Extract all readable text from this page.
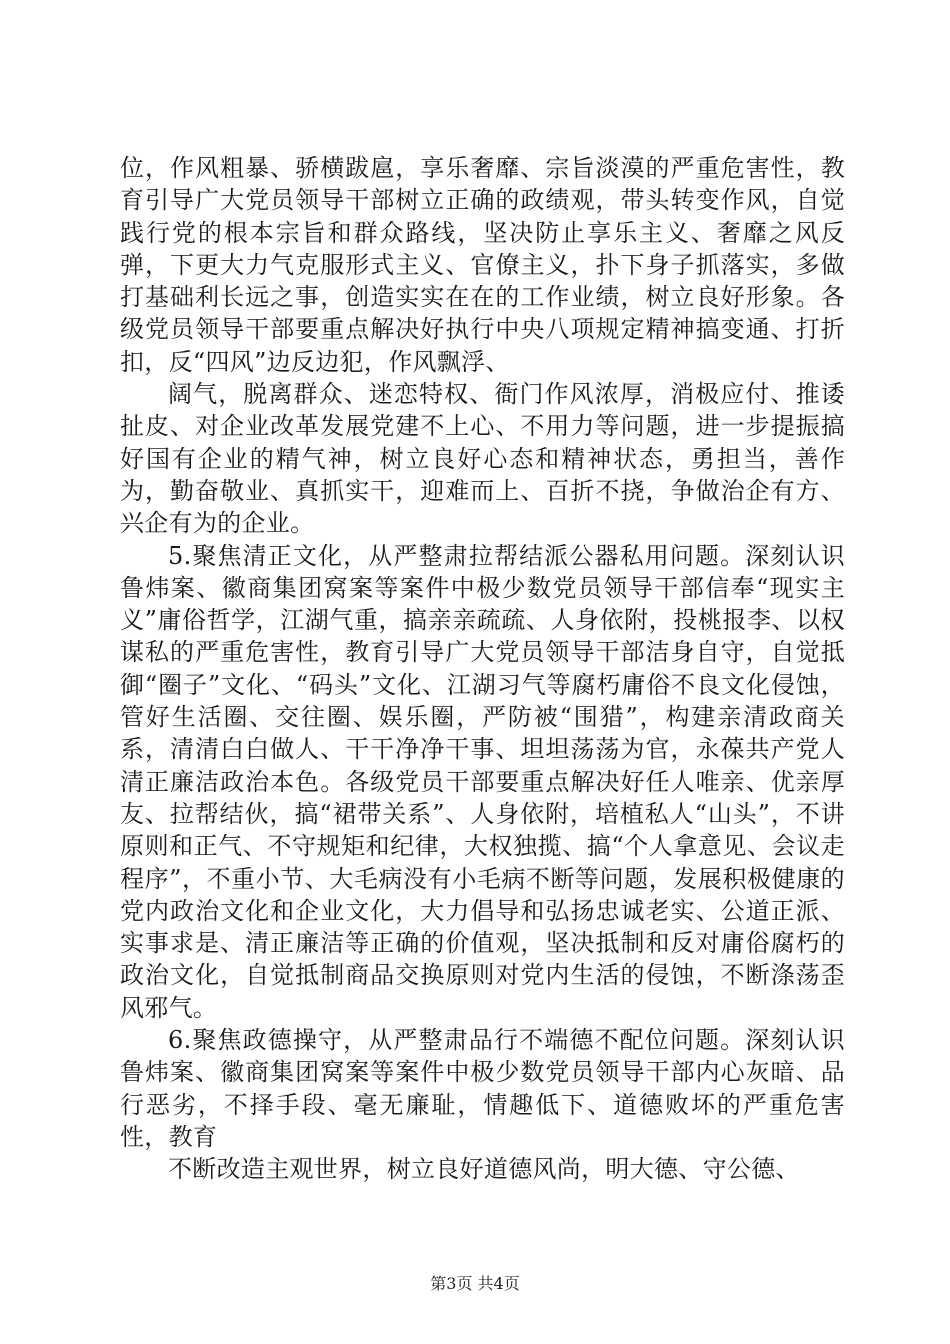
位，作风粗暴、骄横跋扈，享乐奢靡、宗旨淡漠的严重危害性，教育引导广大党员领导干部树立正确的政绩观，带头转变作风，自觉践行党的根本宗旨和群众路线，坚决防止享乐主义、奢靡之风反弹，下更大力气克服形式主义、官僚主义，扑下身子抓落实，多做打基础利长远之事，创造实实在在的工作业绩，树立良好形象。各级党员领导干部要重点解决好执行中央八项规定精神搞变通、打折扣，反“四风”边反边犯，作风飘浮、

阔气，脱离群众、迷恋特权、衙门作风浓厚，消极应付、推诿扯皮、对企业改革发展党建不上心、不用力等问题，进一步提振搞好国有企业的精气神，树立良好心态和精神状态，勇担当，善作为，勤奋敬业、真抓实干，迎难而上、百折不挠，争做治企有方、兴企有为的企业。

5.聚焦清正文化，从严整肃拉帮结派公器私用问题。深刻认识鲁炜案、徽商集团窝案等案件中极少数党员领导干部信奉“现实主义”庸俗哲学，江湖气重，搞亲亲疏疏、人身依附，投桃报李、以权谋私的严重危害性，教育引导广大党员领导干部洁身自守，自觉抵御“圈子”文化、“码头”文化、江湖习气等腐朽庸俗不良文化侵蚀，管好生活圈、交往圈、娱乐圈，严防被“围猎”，构建亲清政商关系，清清白白做人、干干净净干事、坦坦荡荡为官，永葆共产党人清正廉洁政治本色。各级党员干部要重点解决好任人唯亲、优亲厚友、拉帮结伙，搞“裙带关系”、人身依附，培植私人“山头”，不讲原则和正气、不守规矩和纪律，大权独揽、搞“个人拿意见、会议走程序”，不重小节、大毛病没有小毛病不断等问题，发展积极健康的党内政治文化和企业文化，大力倡导和弘扬忠诚老实、公道正派、实事求是、清正廉洁等正确的价值观，坚决抵制和反对庸俗腐朽的政治文化，自觉抵制商品交换原则对党内生活的侵蚀，不断涤荡歪风邪气。

6.聚焦政德操守，从严整肃品行不端德不配位问题。深刻认识鲁炜案、徽商集团窝案等案件中极少数党员领导干部内心灰暗、品行恶劣，不择手段、毫无廉耻，情趣低下、道德败坏的严重危害性，教育

不断改造主观世界，树立良好道德风尚，明大德、守公德、

第3页 共4页
